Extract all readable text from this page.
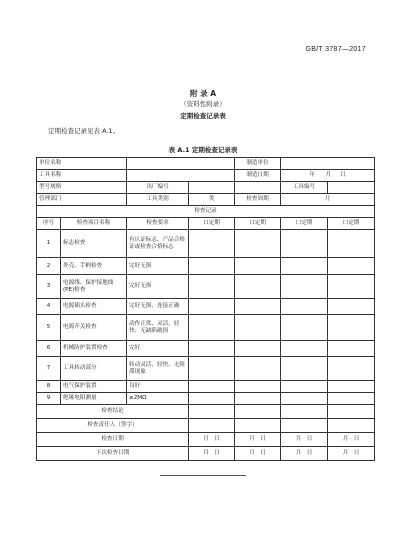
GB/T 3787—2017
附 录 A
（资料性附录）
定期检查记录表
定期检查记录见表 A.1。
表 A.1 定期检查记录表
单位名称				制造单位		
工具名称				制造日期	年 月 日	
型号规格		出厂编号			工具编号	
管理部门		工具类别	类	检查周期	月	
检查记录						
序号	检查项目名称	检查要求	口定期	口定期	口定期	口定期
1	标志检查	有认证标志、产品合格证或检查合格标志				
2	外壳、手柄检查	完好无损				
3	电源线、保护接地线(PE)检查	完好无损				
4	电源插头检查	完好无损、连接正确				
5	电源开关检查	动作正常、灵活、轻快、无缺陷破损				
6	机械防护装置检查	完好				
7	工具转动部分	转动灵活、轻快、无阻滞现象				
8	电气保护装置	良好				
9	绝缘电阻测量	≥2MΩ				
检查结论						
检查责任人（签字）						
检查日期			月 日	月 日	月 日	月 日
下次检查日期			月 日	月 日	月 日	月 日
